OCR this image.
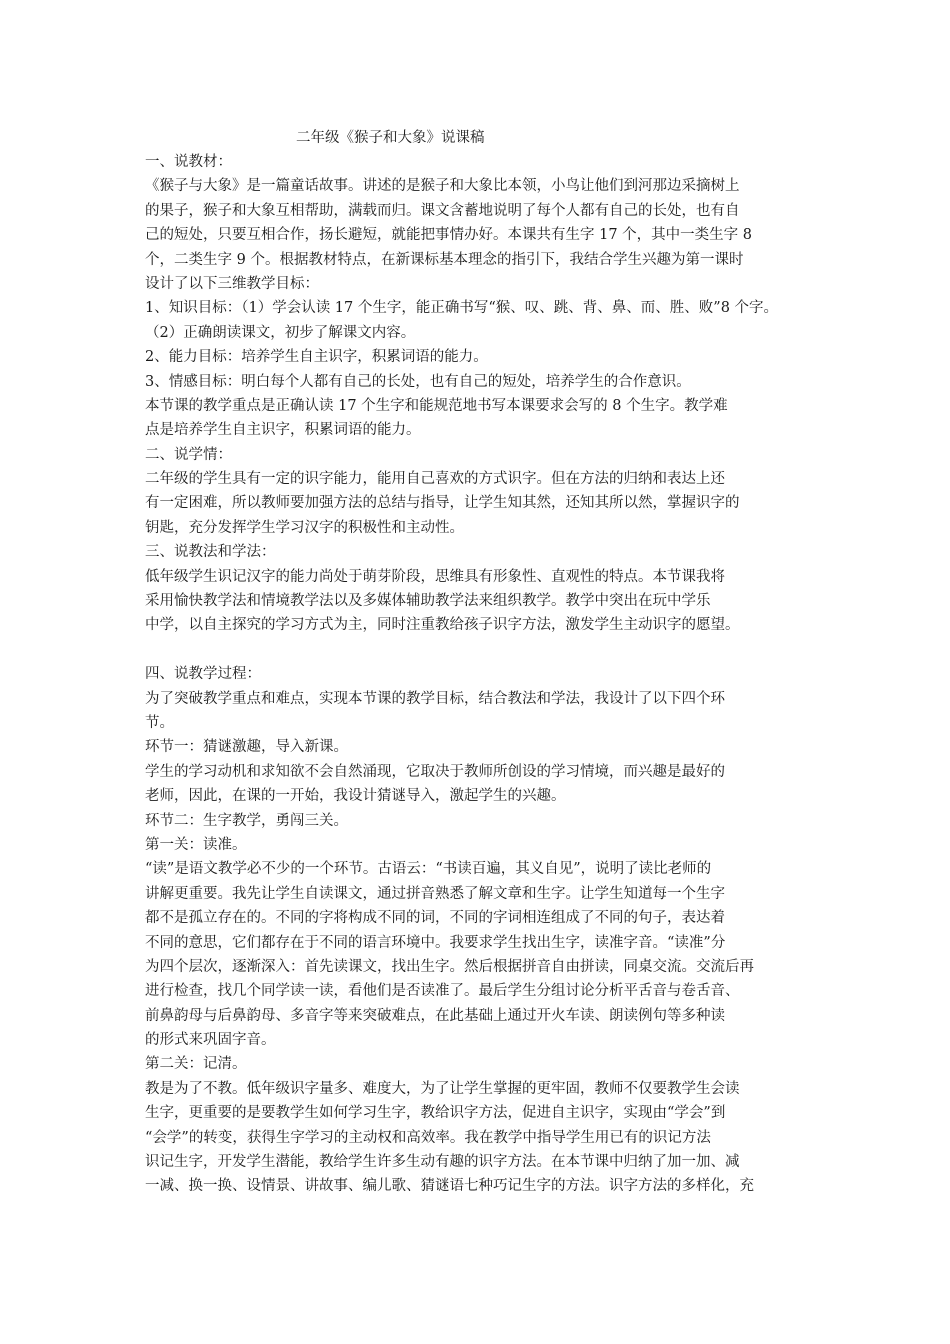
二年级《猴子和大象》说课稿
一、说教材：
《猴子与大象》是一篇童话故事。讲述的是猴子和大象比本领，小鸟让他们到河那边采摘树上
的果子，猴子和大象互相帮助，满载而归。课文含蓄地说明了每个人都有自己的长处，也有自
己的短处，只要互相合作，扬长避短，就能把事情办好。本课共有生字 17 个，其中一类生字 8
个，二类生字 9 个。根据教材特点，在新课标基本理念的指引下，我结合学生兴趣为第一课时
设计了以下三维教学目标：
1、知识目标：（1）学会认读 17 个生字，能正确书写“猴、叹、跳、背、鼻、而、胜、败”8 个字。
（2）正确朗读课文，初步了解课文内容。
2、能力目标：培养学生自主识字，积累词语的能力。
3、情感目标：明白每个人都有自己的长处，也有自己的短处，培养学生的合作意识。
本节课的教学重点是正确认读 17 个生字和能规范地书写本课要求会写的 8 个生字。教学难
点是培养学生自主识字，积累词语的能力。
二、说学情：
二年级的学生具有一定的识字能力，能用自己喜欢的方式识字。但在方法的归纳和表达上还
有一定困难，所以教师要加强方法的总结与指导，让学生知其然，还知其所以然，掌握识字的
钥匙，充分发挥学生学习汉字的积极性和主动性。
三、说教法和学法：
低年级学生识记汉字的能力尚处于萌芽阶段，思维具有形象性、直观性的特点。本节课我将
采用愉快教学法和情境教学法以及多媒体辅助教学法来组织教学。教学中突出在玩中学乐
中学，以自主探究的学习方式为主，同时注重教给孩子识字方法，激发学生主动识字的愿望。
四、说教学过程：
为了突破教学重点和难点，实现本节课的教学目标，结合教法和学法，我设计了以下四个环
节。
环节一：猜谜激趣，导入新课。
学生的学习动机和求知欲不会自然涌现，它取决于教师所创设的学习情境，而兴趣是最好的
老师，因此，在课的一开始，我设计猜谜导入，激起学生的兴趣。
环节二：生字教学，勇闯三关。
第一关：读准。
“读”是语文教学必不少的一个环节。古语云：“书读百遍，其义自见”，说明了读比老师的
讲解更重要。我先让学生自读课文，通过拼音熟悉了解文章和生字。让学生知道每一个生字
都不是孤立存在的。不同的字将构成不同的词，不同的字词相连组成了不同的句子，表达着
不同的意思，它们都存在于不同的语言环境中。我要求学生找出生字，读准字音。“读准”分
为四个层次，逐渐深入：首先读课文，找出生字。然后根据拼音自由拼读，同桌交流。交流后再
进行检查，找几个同学读一读，看他们是否读准了。最后学生分组讨论分析平舌音与卷舌音、
前鼻韵母与后鼻韵母、多音字等来突破难点，在此基础上通过开火车读、朗读例句等多种读
的形式来巩固字音。
第二关：记清。
教是为了不教。低年级识字量多、难度大，为了让学生掌握的更牢固，教师不仅要教学生会读
生字，更重要的是要教学生如何学习生字，教给识字方法，促进自主识字，实现由“学会”到
“会学”的转变，获得生字学习的主动权和高效率。我在教学中指导学生用已有的识记方法
识记生字，开发学生潜能，教给学生许多生动有趣的识字方法。在本节课中归纳了加一加、减
一减、换一换、设情景、讲故事、编儿歌、猜谜语七种巧记生字的方法。识字方法的多样化，充
